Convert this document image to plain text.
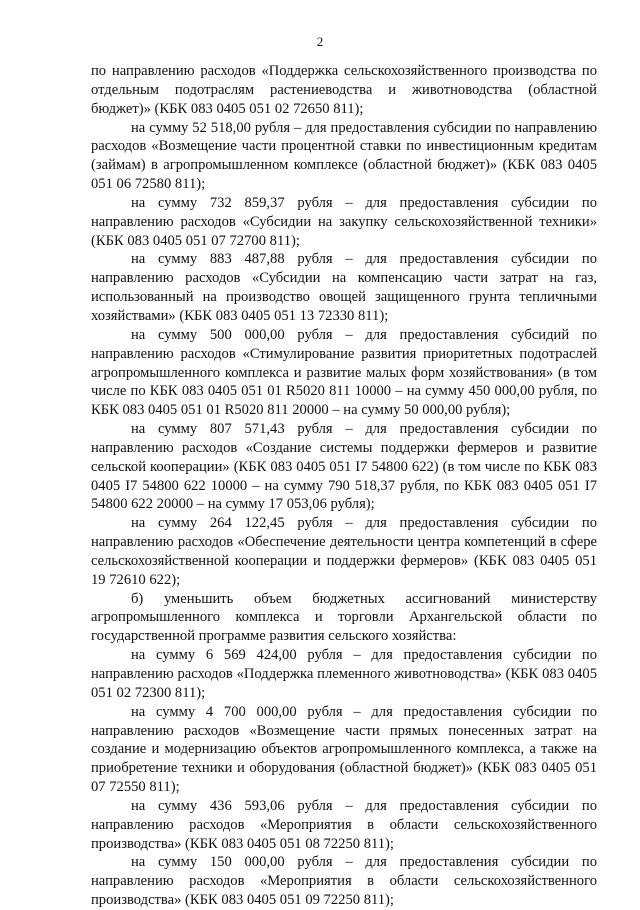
2

по направлению расходов «Поддержка сельскохозяйственного производства по отдельным подотраслям растениеводства и животноводства (областной бюджет)» (КБК 083 0405 051 02 72650 811);

на сумму 52 518,00 рубля – для предоставления субсидии по направлению расходов «Возмещение части процентной ставки по инвестиционным кредитам (займам) в агропромышленном комплексе (областной бюджет)» (КБК 083 0405 051 06 72580 811);

на сумму 732 859,37 рубля – для предоставления субсидии по направлению расходов «Субсидии на закупку сельскохозяйственной техники» (КБК 083 0405 051 07 72700 811);

на сумму 883 487,88 рубля – для предоставления субсидии по направлению расходов «Субсидии на компенсацию части затрат на газ, использованный на производство овощей защищенного грунта тепличными хозяйствами» (КБК 083 0405 051 13 72330 811);

на сумму 500 000,00 рубля – для предоставления субсидий по направлению расходов «Стимулирование развития приоритетных подотраслей агропромышленного комплекса и развитие малых форм хозяйствования» (в том числе по КБК 083 0405 051 01 R5020 811 10000 – на сумму 450 000,00 рубля, по КБК 083 0405 051 01 R5020 811 20000 – на сумму 50 000,00 рубля);

на сумму 807 571,43 рубля – для предоставления субсидии по направлению расходов «Создание системы поддержки фермеров и развитие сельской кооперации» (КБК 083 0405 051 I7 54800 622) (в том числе по КБК 083 0405 I7 54800 622 10000 – на сумму 790 518,37 рубля, по КБК 083 0405 051 I7 54800 622 20000 – на сумму 17 053,06 рубля);

на сумму 264 122,45 рубля – для предоставления субсидии по направлению расходов «Обеспечение деятельности центра компетенций в сфере сельскохозяйственной кооперации и поддержки фермеров» (КБК 083 0405 051 19 72610 622);

б) уменьшить объем бюджетных ассигнований министерству агропромышленного комплекса и торговли Архангельской области по государственной программе развития сельского хозяйства:

на сумму 6 569 424,00 рубля – для предоставления субсидии по направлению расходов «Поддержка племенного животноводства» (КБК 083 0405 051 02 72300 811);

на сумму 4 700 000,00 рубля – для предоставления субсидии по направлению расходов «Возмещение части прямых понесенных затрат на создание и модернизацию объектов агропромышленного комплекса, а также на приобретение техники и оборудования (областной бюджет)» (КБК 083 0405 051 07 72550 811);

на сумму 436 593,06 рубля – для предоставления субсидии по направлению расходов «Мероприятия в области сельскохозяйственного производства» (КБК 083 0405 051 08 72250 811);

на сумму 150 000,00 рубля – для предоставления субсидии по направлению расходов «Мероприятия в области сельскохозяйственного производства» (КБК 083 0405 051 09 72250 811);
